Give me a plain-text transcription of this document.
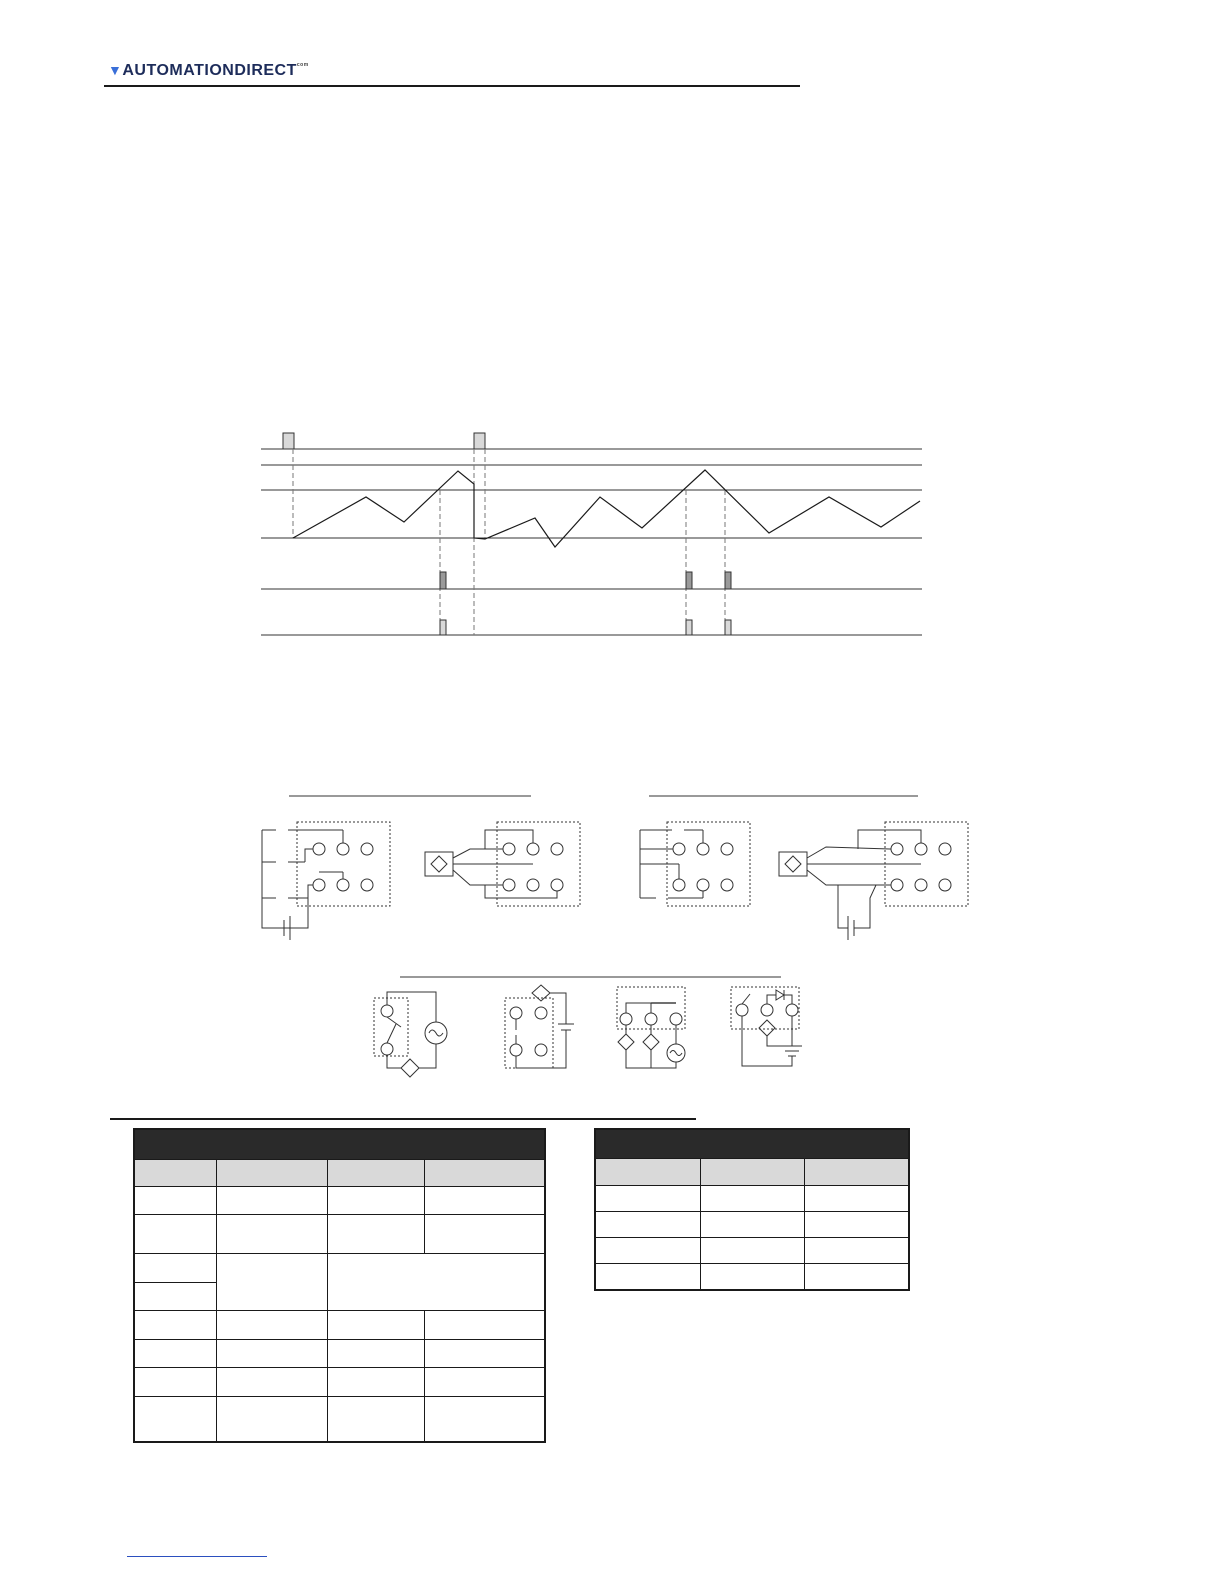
$▼AUTOMATIONDIRECT^{com}$
